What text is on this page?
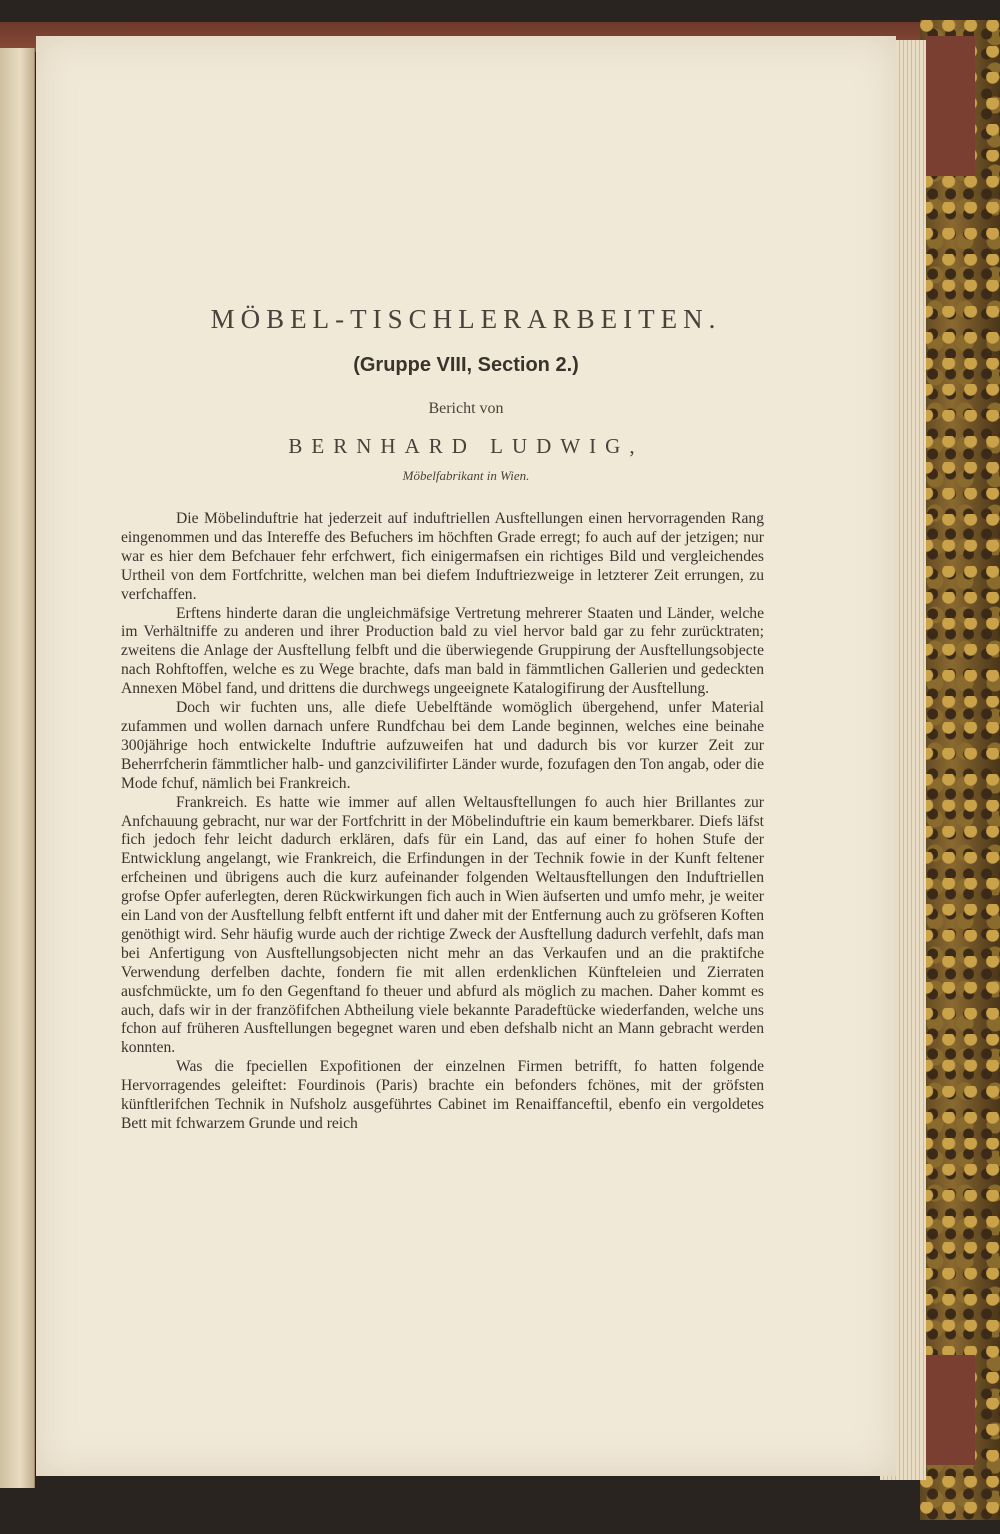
MÖBEL-TISCHLERARBEITEN.
(Gruppe VIII, Section 2.)
Bericht von
BERNHARD LUDWIG,
Möbelfabrikant in Wien.

Die Möbelinduftrie hat jederzeit auf induftriellen Ausftellungen einen hervorragenden Rang eingenommen und das Intereffe des Befuchers im höchften Grade erregt; fo auch auf der jetzigen; nur war es hier dem Befchauer fehr erfchwert, fich einigermafsen ein richtiges Bild und vergleichendes Urtheil von dem Fortfchritte, welchen man bei diefem Induftriezweige in letzterer Zeit errungen, zu verfchaffen.

Erftens hinderte daran die ungleichmäfsige Vertretung mehrerer Staaten und Länder, welche im Verhältniffe zu anderen und ihrer Production bald zu viel hervor bald gar zu fehr zurücktraten; zweitens die Anlage der Ausftellung felbft und die überwiegende Gruppirung der Ausftellungsobjecte nach Rohftoffen, welche es zu Wege brachte, dafs man bald in fämmtlichen Gallerien und gedeckten Annexen Möbel fand, und drittens die durchwegs ungeeignete Katalogifirung der Ausftellung.

Doch wir fuchten uns, alle diefe Uebelftände womöglich übergehend, unfer Material zufammen und wollen darnach unfere Rundfchau bei dem Lande beginnen, welches eine beinahe 300jährige hoch entwickelte Induftrie aufzuweifen hat und dadurch bis vor kurzer Zeit zur Beherrfcherin fämmtlicher halb- und ganzcivilifirter Länder wurde, fozufagen den Ton angab, oder die Mode fchuf, nämlich bei Frankreich.

Frankreich. Es hatte wie immer auf allen Weltausftellungen fo auch hier Brillantes zur Anfchauung gebracht, nur war der Fortfchritt in der Möbelinduftrie ein kaum bemerkbarer. Diefs läfst fich jedoch fehr leicht dadurch erklären, dafs für ein Land, das auf einer fo hohen Stufe der Entwicklung angelangt, wie Frankreich, die Erfindungen in der Technik fowie in der Kunft feltener erfcheinen und übrigens auch die kurz aufeinander folgenden Weltausftellungen den Induftriellen grofse Opfer auferlegten, deren Rückwirkungen fich auch in Wien äufserten und umfo mehr, je weiter ein Land von der Ausftellung felbft entfernt ift und daher mit der Entfernung auch zu gröfseren Koften genöthigt wird. Sehr häufig wurde auch der richtige Zweck der Ausftellung dadurch verfehlt, dafs man bei Anfertigung von Ausftellungsobjecten nicht mehr an das Verkaufen und an die praktifche Verwendung derfelben dachte, fondern fie mit allen erdenklichen Künfteleien und Zierraten ausfchmückte, um fo den Gegenftand fo theuer und abfurd als möglich zu machen. Daher kommt es auch, dafs wir in der franzöfifchen Abtheilung viele bekannte Paradeftücke wiederfanden, welche uns fchon auf früheren Ausftellungen begegnet waren und eben defshalb nicht an Mann gebracht werden konnten.

Was die fpeciellen Expofitionen der einzelnen Firmen betrifft, fo hatten folgende Hervorragendes geleiftet: Fourdinois (Paris) brachte ein befonders fchönes, mit der gröfsten künftlerifchen Technik in Nufsholz ausgeführtes Cabinet im Renaiffanceftil, ebenfo ein vergoldetes Bett mit fchwarzem Grunde und reich
